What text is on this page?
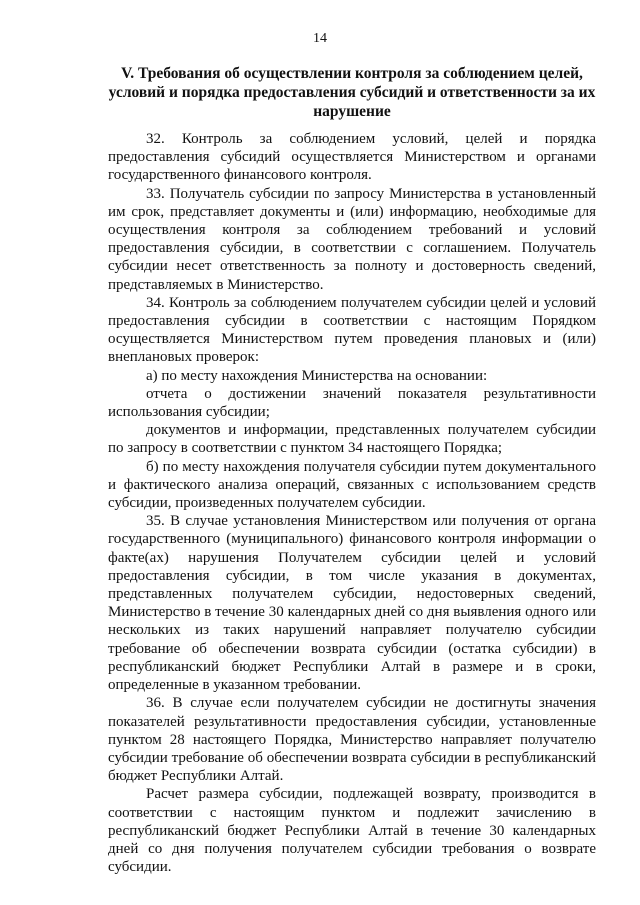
14
V. Требования об осуществлении контроля за соблюдением целей,
условий и порядка предоставления субсидий и ответственности за их
нарушение

32. Контроль за соблюдением условий, целей и порядка предоставления субсидий осуществляется Министерством и органами государственного финансового контроля.

33. Получатель субсидии по запросу Министерства в установленный им срок, представляет документы и (или) информацию, необходимые для осуществления контроля за соблюдением требований и условий предоставления субсидии, в соответствии с соглашением. Получатель субсидии несет ответственность за полноту и достоверность сведений, представляемых в Министерство.

34. Контроль за соблюдением получателем субсидии целей и условий предоставления субсидии в соответствии с настоящим Порядком осуществляется Министерством путем проведения плановых и (или) внеплановых проверок:

а) по месту нахождения Министерства на основании:

отчета о достижении значений показателя результативности использования субсидии;

документов и информации, представленных получателем субсидии по запросу в соответствии с пунктом 34 настоящего Порядка;

б) по месту нахождения получателя субсидии путем документального и фактического анализа операций, связанных с использованием средств субсидии, произведенных получателем субсидии.

35. В случае установления Министерством или получения от органа государственного (муниципального) финансового контроля информации о факте(ах) нарушения Получателем субсидии целей и условий предоставления субсидии, в том числе указания в документах, представленных получателем субсидии, недостоверных сведений, Министерство в течение 30 календарных дней со дня выявления одного или нескольких из таких нарушений направляет получателю субсидии требование об обеспечении возврата субсидии (остатка субсидии) в республиканский бюджет Республики Алтай в размере и в сроки, определенные в указанном требовании.

36. В случае если получателем субсидии не достигнуты значения показателей результативности предоставления субсидии, установленные пунктом 28 настоящего Порядка, Министерство направляет получателю субсидии требование об обеспечении возврата субсидии в республиканский бюджет Республики Алтай.

Расчет размера субсидии, подлежащей возврату, производится в соответствии с настоящим пунктом и подлежит зачислению в республиканский бюджет Республики Алтай в течение 30 календарных дней со дня получения получателем субсидии требования о возврате субсидии.
